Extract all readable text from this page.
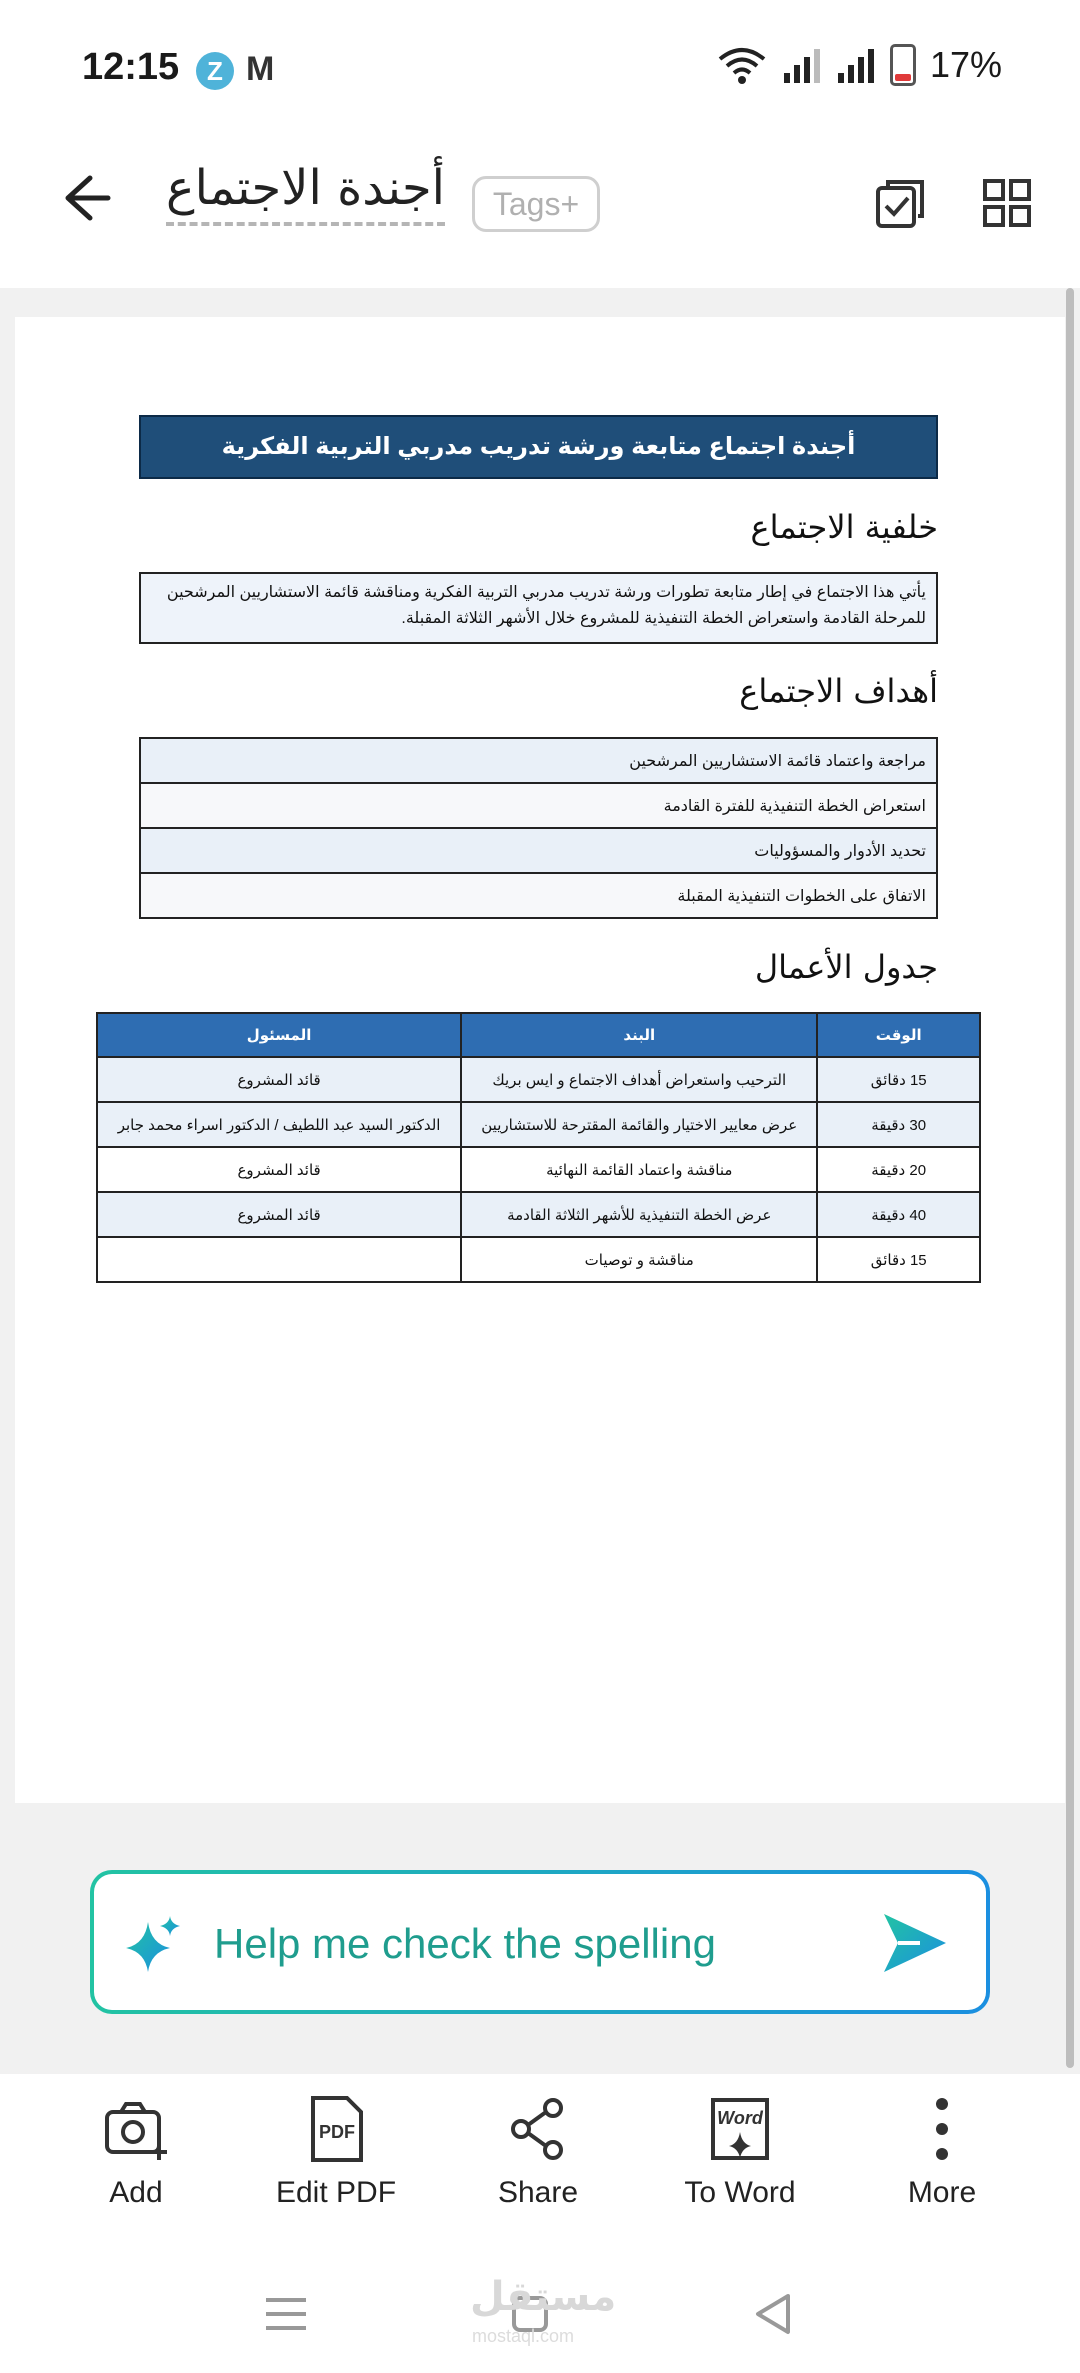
12:15	Z M	17%
أجندة الاجتماع	Tags+
أجندة اجتماع متابعة ورشة تدريب مدربي التربية الفكرية
خلفية الاجتماع
يأتي هذا الاجتماع في إطار متابعة تطورات ورشة تدريب مدربي التربية الفكرية ومناقشة قائمة الاستشاريين المرشحين للمرحلة القادمة واستعراض الخطة التنفيذية للمشروع خلال الأشهر الثلاثة المقبلة.
أهداف الاجتماع
مراجعة واعتماد قائمة الاستشاريين المرشحين
استعراض الخطة التنفيذية للفترة القادمة
تحديد الأدوار والمسؤوليات
الاتفاق على الخطوات التنفيذية المقبلة
جدول الأعمال
الوقت	البند	المسئول
15 دقائق	الترحيب واستعراض أهداف الاجتماع و ايس بريك	قائد المشروع
30 دقيقة	عرض معايير الاختيار والقائمة المقترحة للاستشاريين	الدكتور السيد عبد اللطيف / الدكتور اسراء محمد جابر
20 دقيقة	مناقشة واعتماد القائمة النهائية	قائد المشروع
40 دقيقة	عرض الخطة التنفيذية للأشهر الثلاثة القادمة	قائد المشروع
15 دقائق	مناقشة و توصيات	
Help me check the spelling
Add
PDF
Edit PDF	Share
Word
To Word	More
مستقل
mostaql.com
